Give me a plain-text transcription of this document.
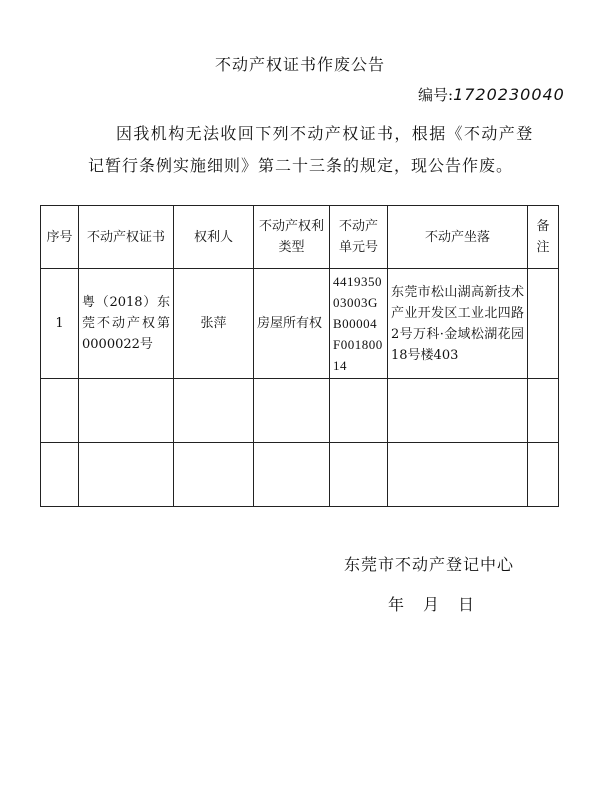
不动产权证书作废公告
编号:1720230040
因我机构无法收回下列不动产权证书，根据《不动产登
记暂行条例实施细则》第二十三条的规定，现公告作废。
序号	不动产权证书	权利人	不动产权利类型	不动产单元号	不动产坐落	备注
1	粤（2018）东莞不动产权第0000022号	张萍	房屋所有权	441935003003GB00004F00180014	东莞市松山湖高新技术产业开发区工业北四路2号万科·金域松湖花园18号楼403	

东莞市不动产登记中心
年 月 日
